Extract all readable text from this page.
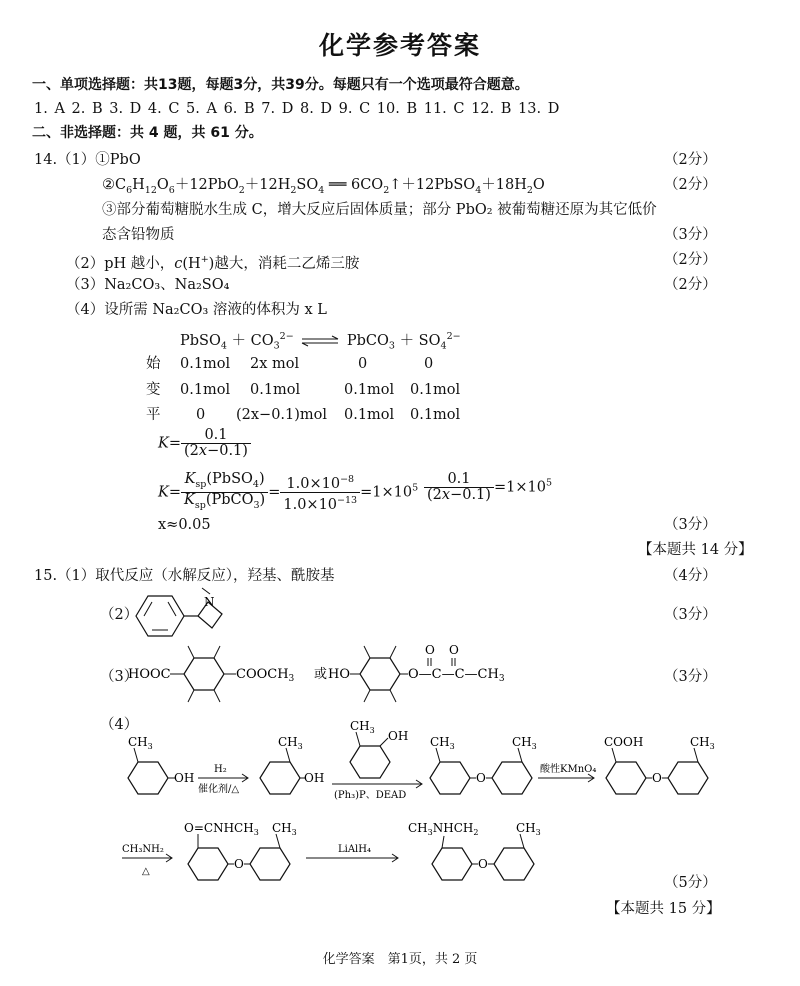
化学参考答案
一、单项选择题：共13题，每题3分，共39分。每题只有一个选项最符合题意。
1. A 2. B 3. D 4. C 5. A 6. B 7. D 8. D 9. C 10. B 11. C 12. B 13. D
二、非选择题：共 4 题，共 61 分。
14.（1）①PbO	（2分）
$②C_6H_{12}O_6+12PbO_2+12H_2SO_4$ ══ $6CO_2↑+12PbSO_4+18H_2O$	（2分）
③部分葡萄糖脱水生成 C，增大反应后固体质量；部分 PbO₂ 被葡萄糖还原为其它低价
态含铅物质	（3分）
（2）pH 越小，c(H+)越大，消耗二乙烯三胺	（2分）
（3）Na₂CO₃、Na₂SO₄	（2分）
（4）设所需 Na₂CO₃ 溶液的体积为 x L
PbSO$_4$ ＋ $CO_3^{2-}$ ⇌ PbCO$_3$ ＋ $SO_4^{2-}$
始 0.1mol 2x mol	0	0
变 0.1mol 0.1mol	0.1mol 0.1mol
平 0 (2x−0.1)mol 0.1mol 0.1mol
$K= \frac{0.1}{(2x-0.1)}$
$K= \frac{K_{sp}(PbSO_4)}{K_{sp}(PbCO_3)} = \frac{1.0\times 10^{-8}}{1.0\times 10^{-13}} =1\times 10^5 \frac{0.1}{(2x-0.1)} =1\times 10^5$
x≈0.05	（3分）
【本题共 14 分】
15.（1）取代反应（水解反应），羟基、酰胺基	（4分）
（2）	（3分）
N
（3）	（3分）
HOOC	$COOCH_3$ 或 HO	$O—C—C—CH_3$
O O
（4）
$CH_3$
OH
H₂
催化剂/△
$CH_3$
OH
$CH_3$ OH
(Ph₃)P、DEAD
$CH_3$
O
$CH_3$
酸性KMnO₄
COOH
O
$CH_3$
CH₃NH₂
△
$O=CNHCH_3$
O
$CH_3$
LiAlH₄
$CH_3NHCH_2$
O
$CH_3$
（5分）
【本题共 15 分】
化学答案　第1页，共 2 页
